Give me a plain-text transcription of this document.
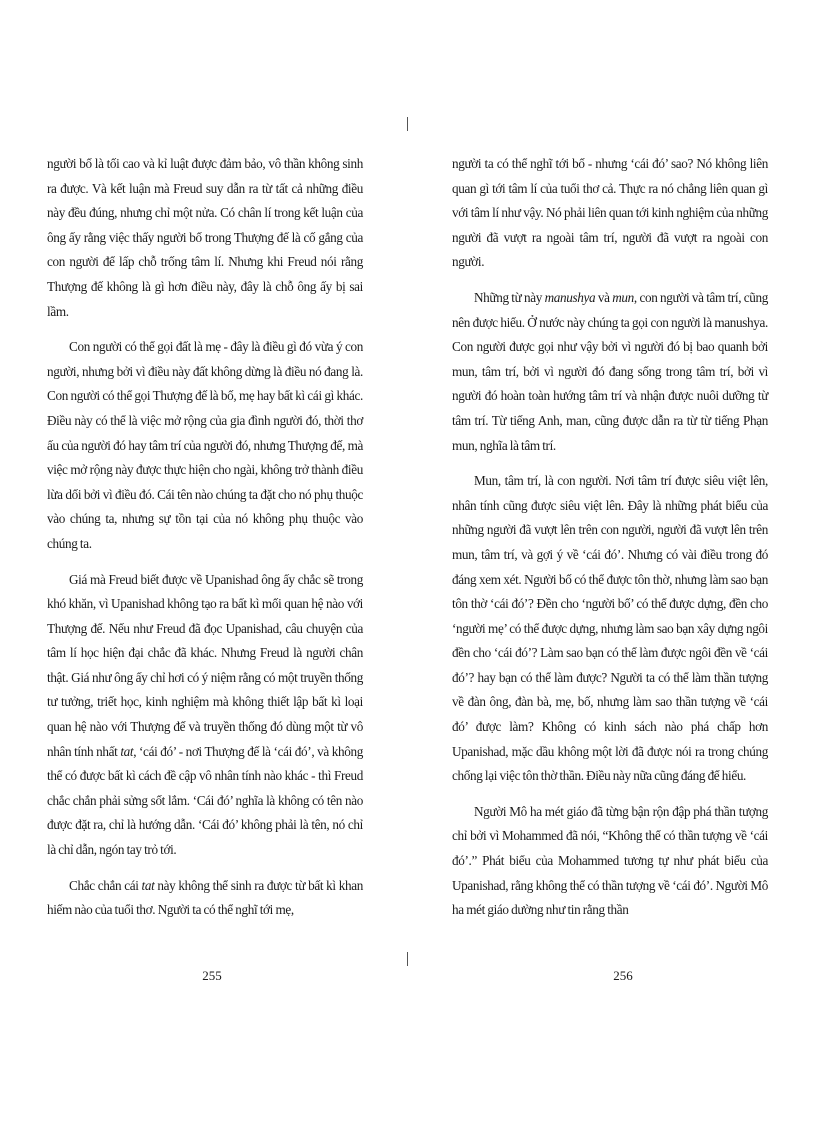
người bố là tối cao và kỉ luật được đảm bảo, vô thần không sinh ra được. Và kết luận mà Freud suy dẫn ra từ tất cả những điều này đều đúng, nhưng chỉ một nửa. Có chân lí trong kết luận của ông ấy rằng việc thấy người bố trong Thượng đế là cố gắng của con người để lấp chỗ trống tâm lí. Nhưng khi Freud nói rằng Thượng đế không là gì hơn điều này, đây là chỗ ông ấy bị sai lầm.

Con người có thể gọi đất là mẹ - đây là điều gì đó vừa ý con người, nhưng bởi vì điều này đất không dừng là điều nó đang là. Con người có thể gọi Thượng đế là bố, mẹ hay bất kì cái gì khác. Điều này có thể là việc mở rộng của gia đình người đó, thời thơ ấu của người đó hay tâm trí của người đó, nhưng Thượng đế, mà việc mở rộng này được thực hiện cho ngài, không trở thành điều lừa dối bởi vì điều đó. Cái tên nào chúng ta đặt cho nó phụ thuộc vào chúng ta, nhưng sự tồn tại của nó không phụ thuộc vào chúng ta.

Giá mà Freud biết được về Upanishad ông ấy chắc sẽ trong khó khăn, vì Upanishad không tạo ra bất kì mối quan hệ nào với Thượng đế. Nếu như Freud đã đọc Upanishad, câu chuyện của tâm lí học hiện đại chắc đã khác. Nhưng Freud là người chân thật. Giá như ông ấy chỉ hơi có ý niệm rằng có một truyền thống tư tưởng, triết học, kinh nghiệm mà không thiết lập bất kì loại quan hệ nào với Thượng đế và truyền thống đó dùng một từ vô nhân tính nhất tat, ‘cái đó’ - nơi Thượng đế là ‘cái đó’, và không thể có được bất kì cách đề cập vô nhân tính nào khác - thì Freud chắc chắn phải sửng sốt lắm. ‘Cái đó’ nghĩa là không có tên nào được đặt ra, chỉ là hướng dẫn. ‘Cái đó’ không phải là tên, nó chỉ là chỉ dẫn, ngón tay trỏ tới.

Chắc chắn cái tat này không thể sinh ra được từ bất kì khan hiếm nào của tuổi thơ. Người ta có thể nghĩ tới mẹ,

người ta có thể nghĩ tới bố - nhưng ‘cái đó’ sao? Nó không liên quan gì tới tâm lí của tuổi thơ cả. Thực ra nó chẳng liên quan gì với tâm lí như vậy. Nó phải liên quan tới kinh nghiệm của những người đã vượt ra ngoài tâm trí, người đã vượt ra ngoài con người.

Những từ này manushya và mun, con người và tâm trí, cũng nên được hiểu. Ở nước này chúng ta gọi con người là manushya. Con người được gọi như vậy bởi vì người đó bị bao quanh bởi mun, tâm trí, bởi vì người đó đang sống trong tâm trí, bởi vì người đó hoàn toàn hướng tâm trí và nhận được nuôi dưỡng từ tâm trí. Từ tiếng Anh, man, cũng được dẫn ra từ từ tiếng Phạn mun, nghĩa là tâm trí.

Mun, tâm trí, là con người. Nơi tâm trí được siêu việt lên, nhân tính cũng được siêu việt lên. Đây là những phát biểu của những người đã vượt lên trên con người, người đã vượt lên trên mun, tâm trí, và gợi ý về ‘cái đó’. Nhưng có vài điều trong đó đáng xem xét. Người bố có thể được tôn thờ, nhưng làm sao bạn tôn thờ ‘cái đó’? Đền cho ‘người bố’ có thể được dựng, đền cho ‘người mẹ’ có thể được dựng, nhưng làm sao bạn xây dựng ngôi đền cho ‘cái đó’? Làm sao bạn có thể làm được ngôi đền về ‘cái đó’? hay bạn có thể làm được? Người ta có thể làm thần tượng về đàn ông, đàn bà, mẹ, bố, nhưng làm sao thần tượng về ‘cái đó’ được làm? Không có kinh sách nào phá chấp hơn Upanishad, mặc dầu không một lời đã được nói ra trong chúng chống lại việc tôn thờ thần. Điều này nữa cũng đáng để hiểu.

Người Mô ha mét giáo đã từng bận rộn đập phá thần tượng chỉ bởi vì Mohammed đã nói, “Không thể có thần tượng về ‘cái đó’.” Phát biểu của Mohammed tương tự như phát biểu của Upanishad, rằng không thể có thần tượng về ‘cái đó’. Người Mô ha mét giáo dường như tin rằng thần

255	256
